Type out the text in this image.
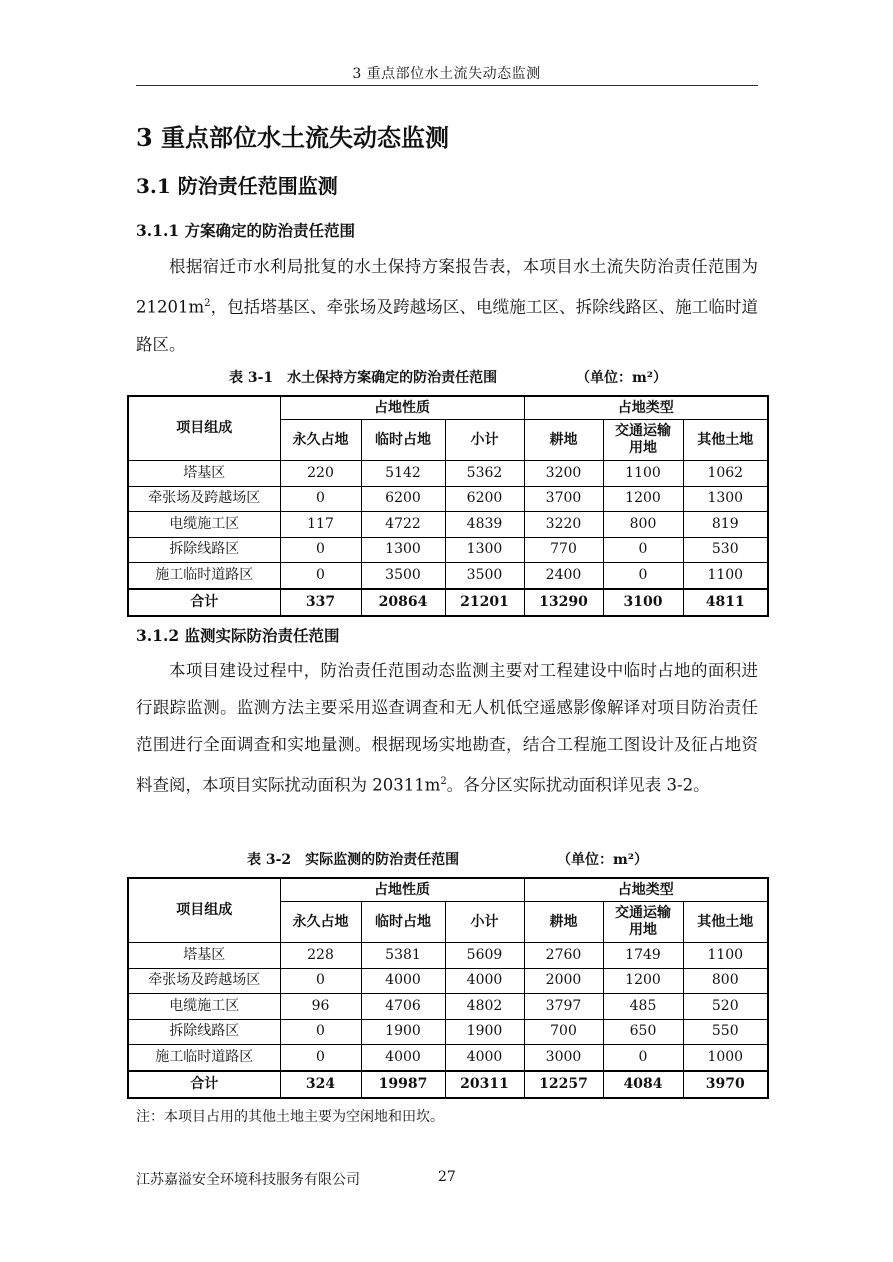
3 重点部位水土流失动态监测
3 重点部位水土流失动态监测
3.1 防治责任范围监测
3.1.1 方案确定的防治责任范围

根据宿迁市水利局批复的水土保持方案报告表，本项目水土流失防治责任范围为 $21201m^2$，包括塔基区、牵张场及跨越场区、电缆施工区、拆除线路区、施工临时道路区。

表 3-1　水土保持方案确定的防治责任范围	（单位：m²）
项目组成	占地性质			占地类型		
	永久占地	临时占地	小计	耕地	交通运输用地	其他土地
塔基区	220	5142	5362	3200	1100	1062
牵张场及跨越场区	0	6200	6200	3700	1200	1300
电缆施工区	117	4722	4839	3220	800	819
拆除线路区	0	1300	1300	770	0	530
施工临时道路区	0	3500	3500	2400	0	1100
合计	337	20864	21201	13290	3100	4811
3.1.2 监测实际防治责任范围

本项目建设过程中，防治责任范围动态监测主要对工程建设中临时占地的面积进行跟踪监测。监测方法主要采用巡查调查和无人机低空遥感影像解译对项目防治责任范围进行全面调查和实地量测。根据现场实地勘查，结合工程施工图设计及征占地资料查阅，本项目实际扰动面积为 $20311m^2$。各分区实际扰动面积详见表 3-2。

表 3-2　实际监测的防治责任范围	（单位：m²）
项目组成	占地性质			占地类型		
	永久占地	临时占地	小计	耕地	交通运输用地	其他土地
塔基区	228	5381	5609	2760	1749	1100
牵张场及跨越场区	0	4000	4000	2000	1200	800
电缆施工区	96	4706	4802	3797	485	520
拆除线路区	0	1900	1900	700	650	550
施工临时道路区	0	4000	4000	3000	0	1000
合计	324	19987	20311	12257	4084	3970
注：本项目占用的其他土地主要为空闲地和田坎。
江苏嘉溢安全环境科技服务有限公司	27
